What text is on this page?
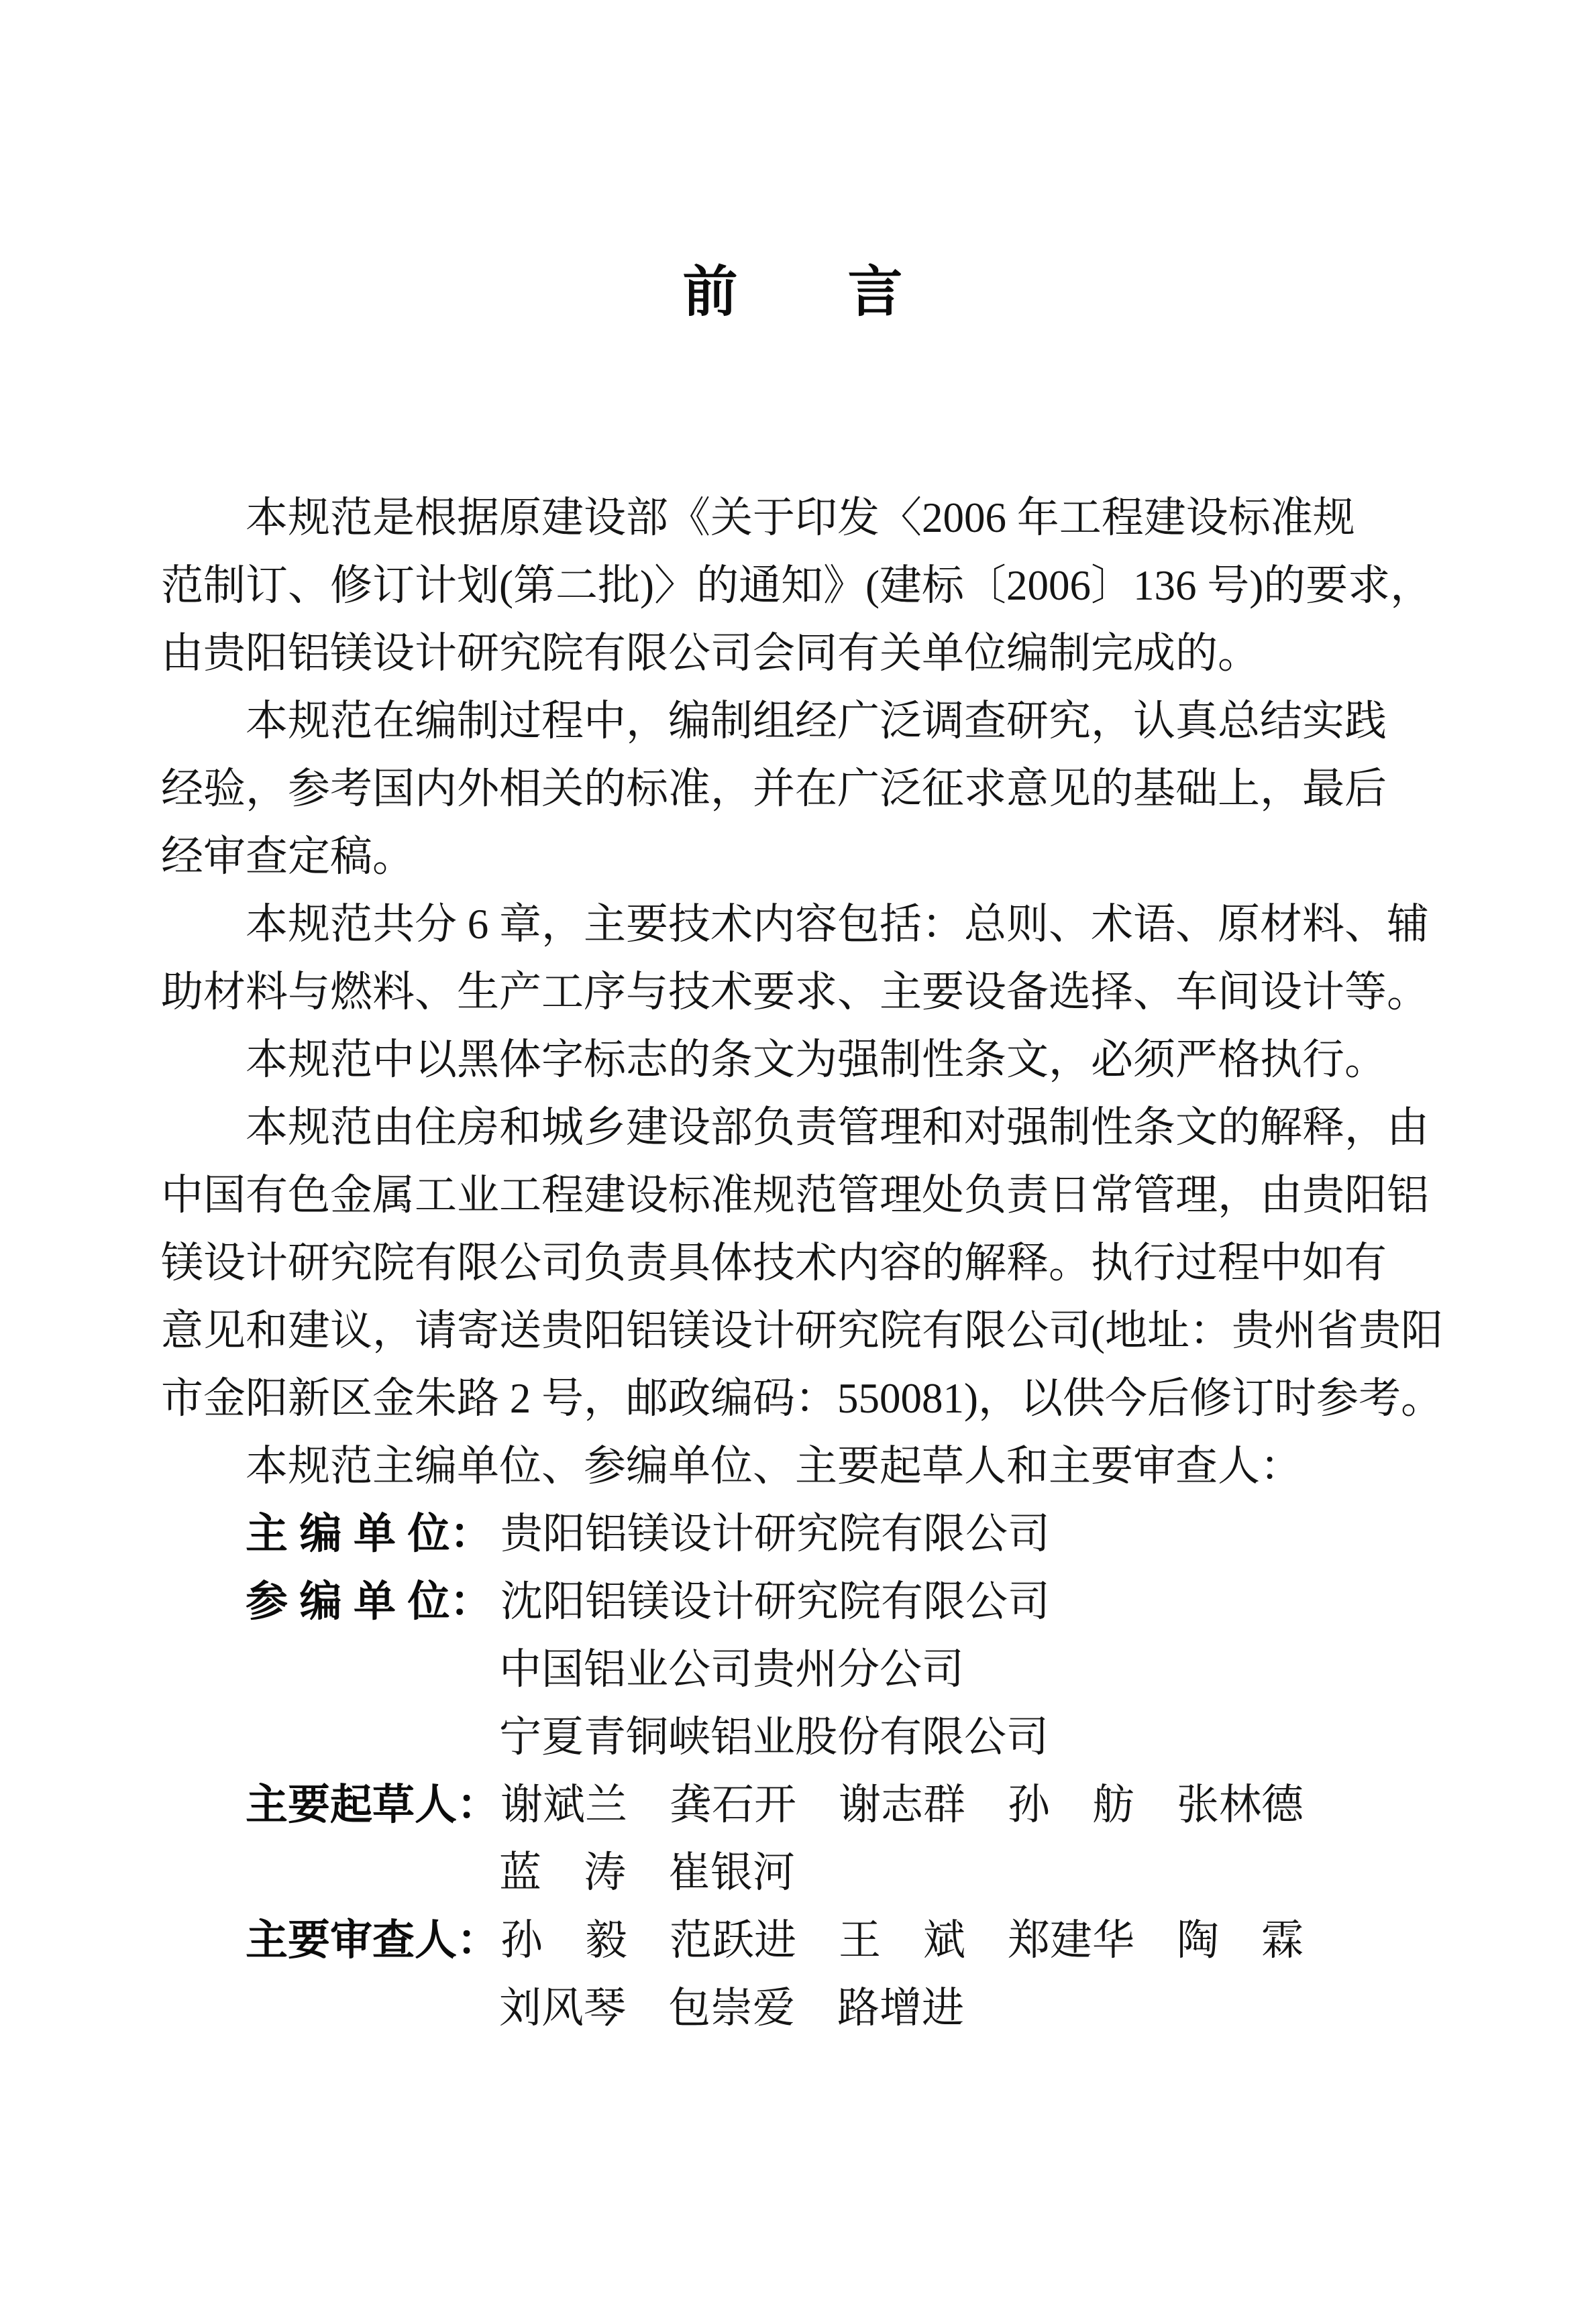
前　　言
本规范是根据原建设部《关于印发〈2006 年工程建设标准规
范制订、修订计划(第二批)〉的通知》(建标〔2006〕136 号)的要求，
由贵阳铝镁设计研究院有限公司会同有关单位编制完成的。
本规范在编制过程中，编制组经广泛调查研究，认真总结实践
经验，参考国内外相关的标准，并在广泛征求意见的基础上，最后
经审查定稿。
本规范共分 6 章，主要技术内容包括：总则、术语、原材料、辅
助材料与燃料、生产工序与技术要求、主要设备选择、车间设计等。
本规范中以黑体字标志的条文为强制性条文，必须严格执行。
本规范由住房和城乡建设部负责管理和对强制性条文的解释，由
中国有色金属工业工程建设标准规范管理处负责日常管理，由贵阳铝
镁设计研究院有限公司负责具体技术内容的解释。执行过程中如有
意见和建议，请寄送贵阳铝镁设计研究院有限公司(地址：贵州省贵阳
市金阳新区金朱路 2 号，邮政编码：550081)，以供今后修订时参考。
本规范主编单位、参编单位、主要起草人和主要审查人：
主 编 单 位： 贵阳铝镁设计研究院有限公司
参 编 单 位： 沈阳铝镁设计研究院有限公司
中国铝业公司贵州分公司
宁夏青铜峡铝业股份有限公司
主要起草人：谢斌兰　龚石开　谢志群　孙　舫　张林德
蓝　涛　崔银河
主要审查人：孙　毅　范跃进　王　斌　郑建华　陶　霖
刘风琴　包崇爱　路增进
